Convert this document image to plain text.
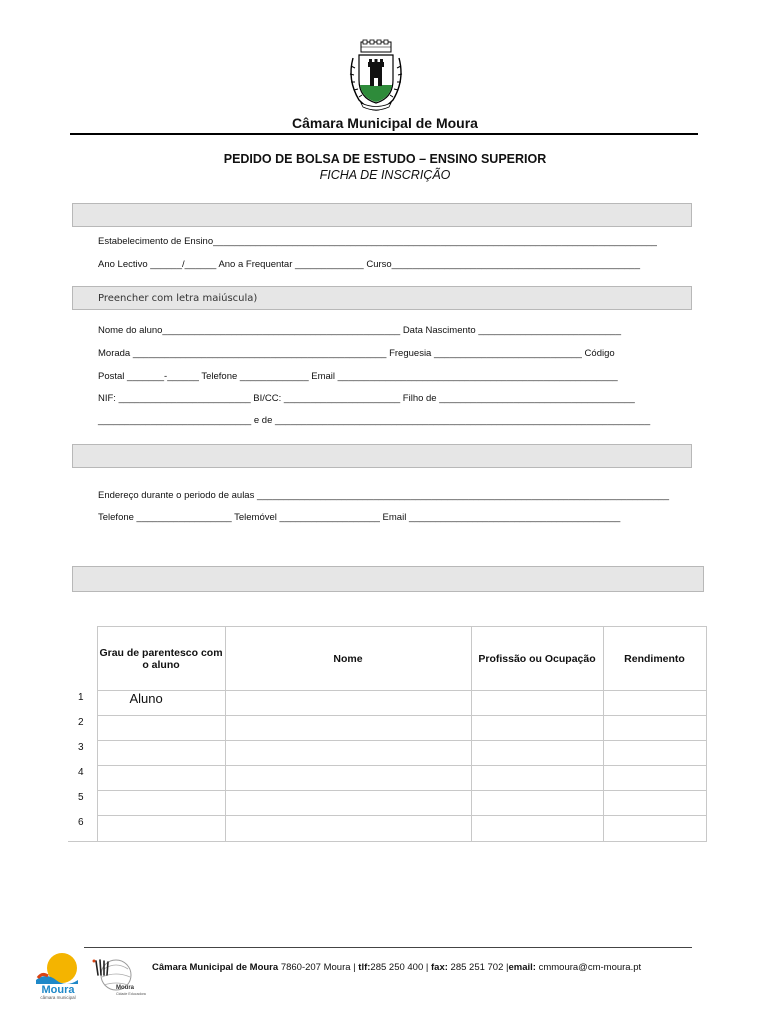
Câmara Municipal de Moura
PEDIDO DE BOLSA DE ESTUDO – ENSINO SUPERIOR
FICHA DE INSCRIÇÃO
Estabelecimento de Ensino____________________________________________________________________________________
Ano Lectivo ______/______ Ano a Frequentar _____________ Curso_______________________________________________
Preencher com letra maiúscula)
Nome do aluno_____________________________________________ Data Nascimento ___________________________
Morada ________________________________________________ Freguesia ____________________________ Código
Postal _______-______ Telefone _____________ Email _____________________________________________________
NIF: _________________________ BI/CC: ______________________ Filho de _____________________________________
_____________________________ e de _______________________________________________________________________
Endereço durante o periodo de aulas ______________________________________________________________________________
Telefone __________________ Telemóvel ___________________ Email ________________________________________
	Grau de parentesco com o aluno	Nome	Profissão ou Ocupação	Rendimento
1	Aluno			
2				
3				
4				
5				
6				
Moura
câmara municipal
Moura
Cidade Educadora
Câmara Municipal de Moura 7860-207 Moura | tlf:285 250 400 | fax: 285 251 702 |email: cmmoura@cm-moura.pt
